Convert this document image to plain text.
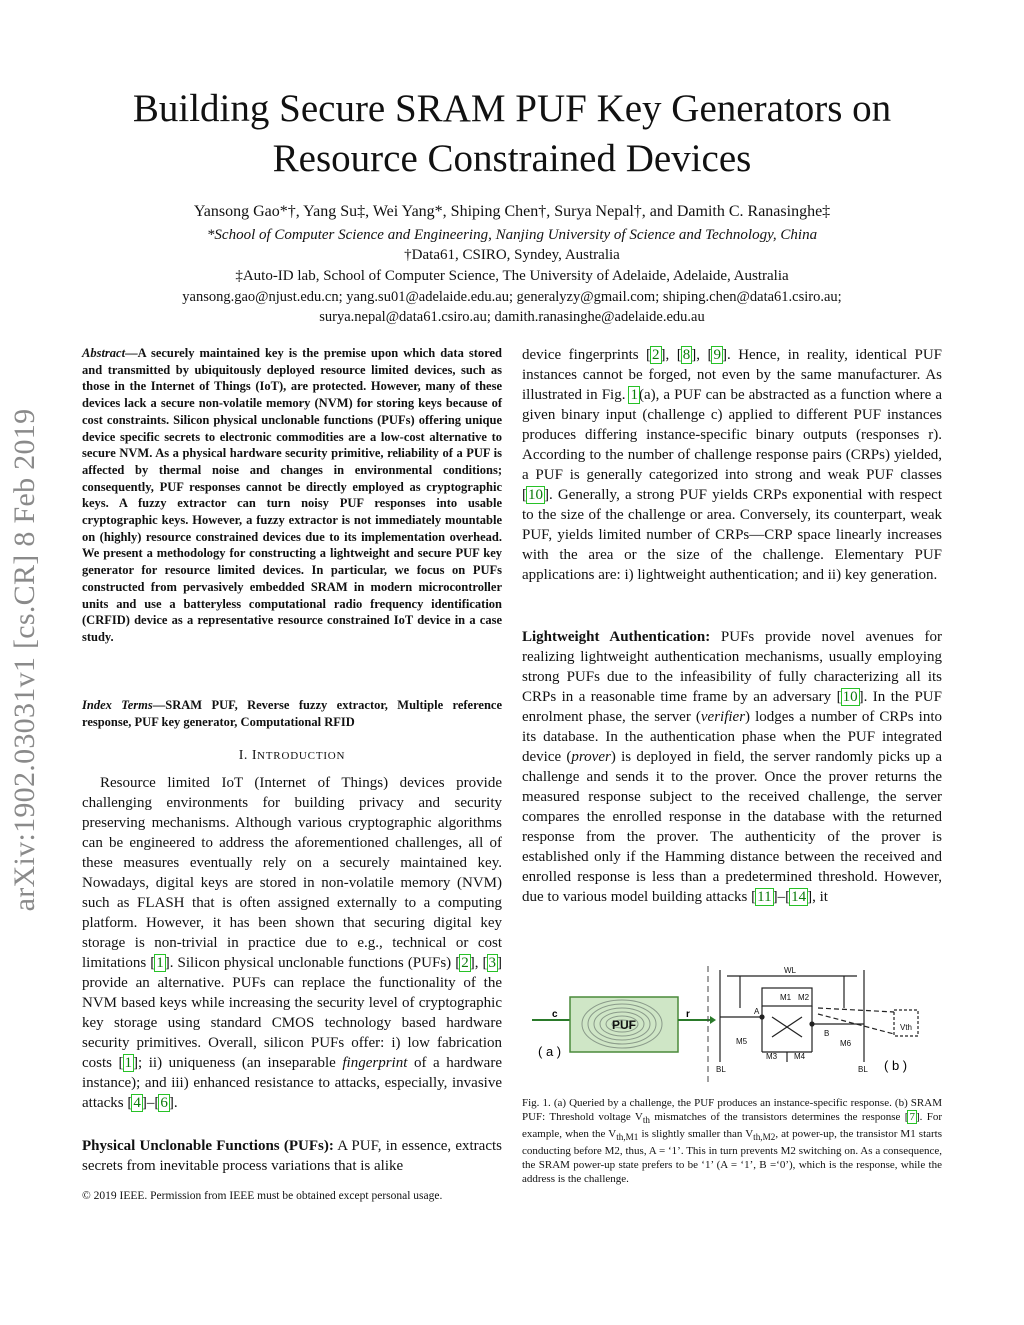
Building Secure SRAM PUF Key Generators on
Resource Constrained Devices
Yansong Gao*†, Yang Su‡, Wei Yang*, Shiping Chen†, Surya Nepal†, and Damith C. Ranasinghe‡
*School of Computer Science and Engineering, Nanjing University of Science and Technology, China
†Data61, CSIRO, Syndey, Australia
‡Auto-ID lab, School of Computer Science, The University of Adelaide, Adelaide, Australia
yansong.gao@njust.edu.cn; yang.su01@adelaide.edu.au; generalyzy@gmail.com; shiping.chen@data61.csiro.au;
surya.nepal@data61.csiro.au; damith.ranasinghe@adelaide.edu.au
arXiv:1902.03031v1 [cs.CR] 8 Feb 2019
Abstract—A securely maintained key is the premise upon which data stored and transmitted by ubiquitously deployed resource limited devices, such as those in the Internet of Things (IoT), are protected. However, many of these devices lack a secure non-volatile memory (NVM) for storing keys because of cost constraints. Silicon physical unclonable functions (PUFs) offering unique device specific secrets to electronic commodities are a low-cost alternative to secure NVM. As a physical hardware security primitive, reliability of a PUF is affected by thermal noise and changes in environmental conditions; consequently, PUF responses cannot be directly employed as cryptographic keys. A fuzzy extractor can turn noisy PUF responses into usable cryptographic keys. However, a fuzzy extractor is not immediately mountable on (highly) resource constrained devices due to its implementation overhead. We present a methodology for constructing a lightweight and secure PUF key generator for resource limited devices. In particular, we focus on PUFs constructed from pervasively embedded SRAM in modern microcontroller units and use a batteryless computational radio frequency identification (CRFID) device as a representative resource constrained IoT device in a case study.
Index Terms—SRAM PUF, Reverse fuzzy extractor, Multiple reference response, PUF key generator, Computational RFID
I. INTRODUCTION
Resource limited IoT (Internet of Things) devices provide challenging environments for building privacy and security preserving mechanisms. Although various cryptographic algorithms can be engineered to address the aforementioned challenges, all of these measures eventually rely on a securely maintained key. Nowadays, digital keys are stored in non-volatile memory (NVM) such as FLASH that is often assigned externally to a computing platform. However, it has been shown that securing digital key storage is non-trivial in practice due to e.g., technical or cost limitations [1]. Silicon physical unclonable functions (PUFs) [2], [3] provide an alternative. PUFs can replace the functionality of the NVM based keys while increasing the security level of cryptographic key storage using standard CMOS technology based hardware security primitives. Overall, silicon PUFs offer: i) low fabrication costs [1]; ii) uniqueness (an inseparable fingerprint of a hardware instance); and iii) enhanced resistance to attacks, especially, invasive attacks [4]–[6].
Physical Unclonable Functions (PUFs): A PUF, in essence, extracts secrets from inevitable process variations that is alike
© 2019 IEEE. Permission from IEEE must be obtained except personal usage.
device fingerprints [2], [8], [9]. Hence, in reality, identical PUF instances cannot be forged, not even by the same manufacturer. As illustrated in Fig. 1(a), a PUF can be abstracted as a function where a given binary input (challenge c) applied to different PUF instances produces differing instance-specific binary outputs (responses r). According to the number of challenge response pairs (CRPs) yielded, a PUF is generally categorized into strong and weak PUF classes [10]. Generally, a strong PUF yields CRPs exponential with respect to the size of the challenge or area. Conversely, its counterpart, weak PUF, yields limited number of CRPs—CRP space linearly increases with the area or the size of the challenge. Elementary PUF applications are: i) lightweight authentication; and ii) key generation.
Lightweight Authentication: PUFs provide novel avenues for realizing lightweight authentication mechanisms, usually employing strong PUFs due to the infeasibility of fully characterizing all its CRPs in a reasonable time frame by an adversary [10]. In the PUF enrolment phase, the server (verifier) lodges a number of CRPs into its database. In the authentication phase when the PUF integrated device (prover) is deployed in field, the server randomly picks up a challenge and sends it to the prover. Once the prover returns the measured response subject to the received challenge, the server compares the enrolled response in the database with the returned response from the prover. The authenticity of the prover is established only if the Hamming distance between the received and enrolled response is less than a predetermined threshold. However, due to various model building attacks [11]–[14], it
c	r
PUF
( a )
WL
BL	BL
M1 M2
M3 M4
M5	M6
A
B
Vth
( b )
Fig. 1. (a) Queried by a challenge, the PUF produces an instance-specific response. (b) SRAM PUF: Threshold voltage $V_{th}$ mismatches of the transistors determines the response [7]. For example, when the $V_{th,M1}$ is slightly smaller than $V_{th,M2}$, at power-up, the transistor M1 starts conducting before M2, thus, A = ‘1’. This in turn prevents M2 switching on. As a consequence, the SRAM power-up state prefers to be ‘1’ (A = ‘1’, B =‘0’), which is the response, while the address is the challenge.
